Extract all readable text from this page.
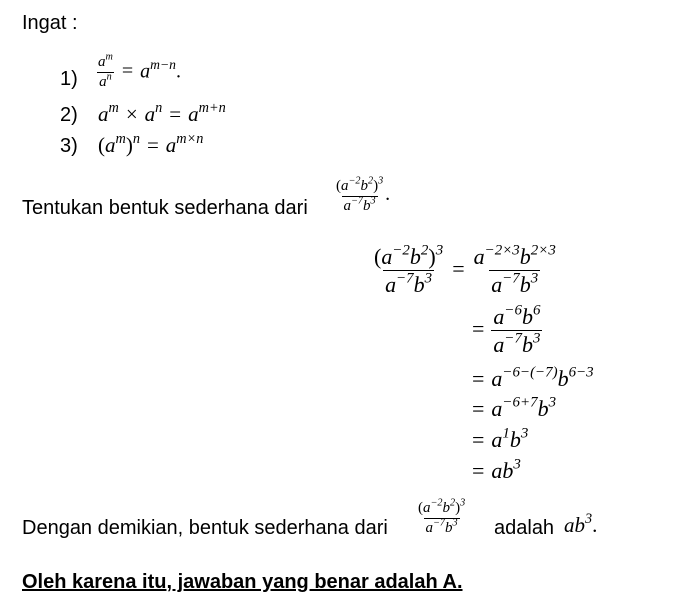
Ingat :
$1) \frac{a^m}{a^n} = a^{m-n}$.
2) $a^m \times a^n = a^{m+n}$
3) $(a^m)^n = a^{m\times n}$
Tentukan bentuk sederhana dari $\frac{(a^{-2}b^2)^3}{a^{-7}b^3}$ .
$\frac{(a^{-2}b^2)^3}{a^{-7}b^3} = \frac{a^{-2\times 3}b^{2\times 3}}{a^{-7}b^3}$
= $\frac{a^{-6}b^6}{a^{-7}b^3}$
= $a^{-6-(-7)}b^{6-3}$
= $a^{-6+7}b^3$
= $a^1b^3$
= $ab^3$
Dengan demikian, bentuk sederhana dari $\frac{(a^{-2}b^2)^3}{a^{-7}b^3}$ adalah $ab^3$.
Oleh karena itu, jawaban yang benar adalah A.
